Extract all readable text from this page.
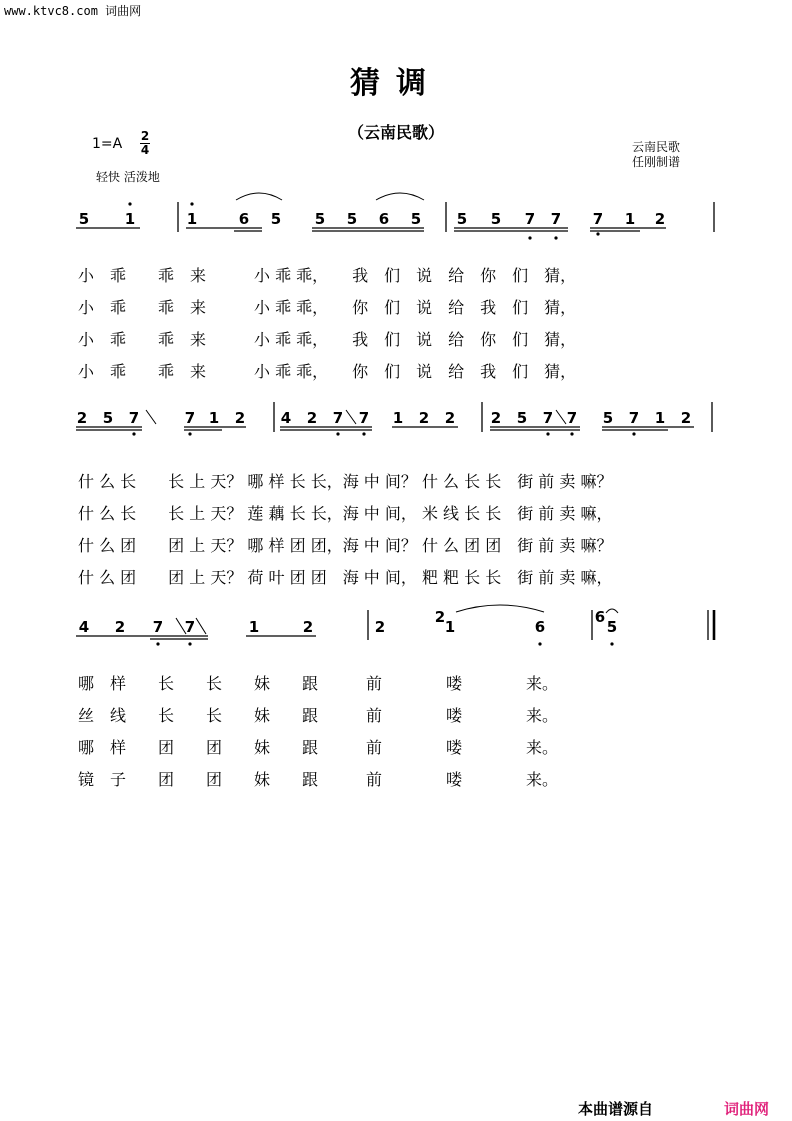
www.ktvc8.com 词曲网
猜调
（云南民歌）
1=A 2
4
轻快 活泼地
云南民歌
任刚制谱
5 1	1	6 5 5 5 6 5 5 5 7 7 7 1 2
2 5 7	7 1 2 4 2 7 7 1 2 2 2 5 7 7 5 7 1 2
4 2 7 7	1	2	2
2
1	6
6
5
小　乖　　乖　来　　　小 乖 乖，　　我　们　说　给　你　们　猜，
小　乖　　乖　来　　　小 乖 乖，　　你　们　说　给　我　们　猜，
小　乖　　乖　来　　　小 乖 乖，　　我　们　说　给　你　们　猜，
小　乖　　乖　来　　　小 乖 乖，　　你　们　说　给　我　们　猜，
什 么 长　　长 上 天？ 哪 样 长 长，海 中 间？ 什 么 长 长　街 前 卖 嘛？
什 么 长　　长 上 天？ 莲 藕 长 长，海 中 间， 米 线 长 长　街 前 卖 嘛，
什 么 团　　团 上 天？ 哪 样 团 团，海 中 间？ 什 么 团 团　街 前 卖 嘛？
什 么 团　　团 上 天？ 荷 叶 团 团　海 中 间， 粑 粑 长 长　街 前 卖 嘛，
哪　样　　长　　长　　妹　　跟　　　前　　　　喽　　　　来。
丝　线　　长　　长　　妹　　跟　　　前　　　　喽　　　　来。
哪　样　　团　　团　　妹　　跟　　　前　　　　喽　　　　来。
镜　子　　团　　团　　妹　　跟　　　前　　　　喽　　　　来。
本曲谱源自	词曲网
